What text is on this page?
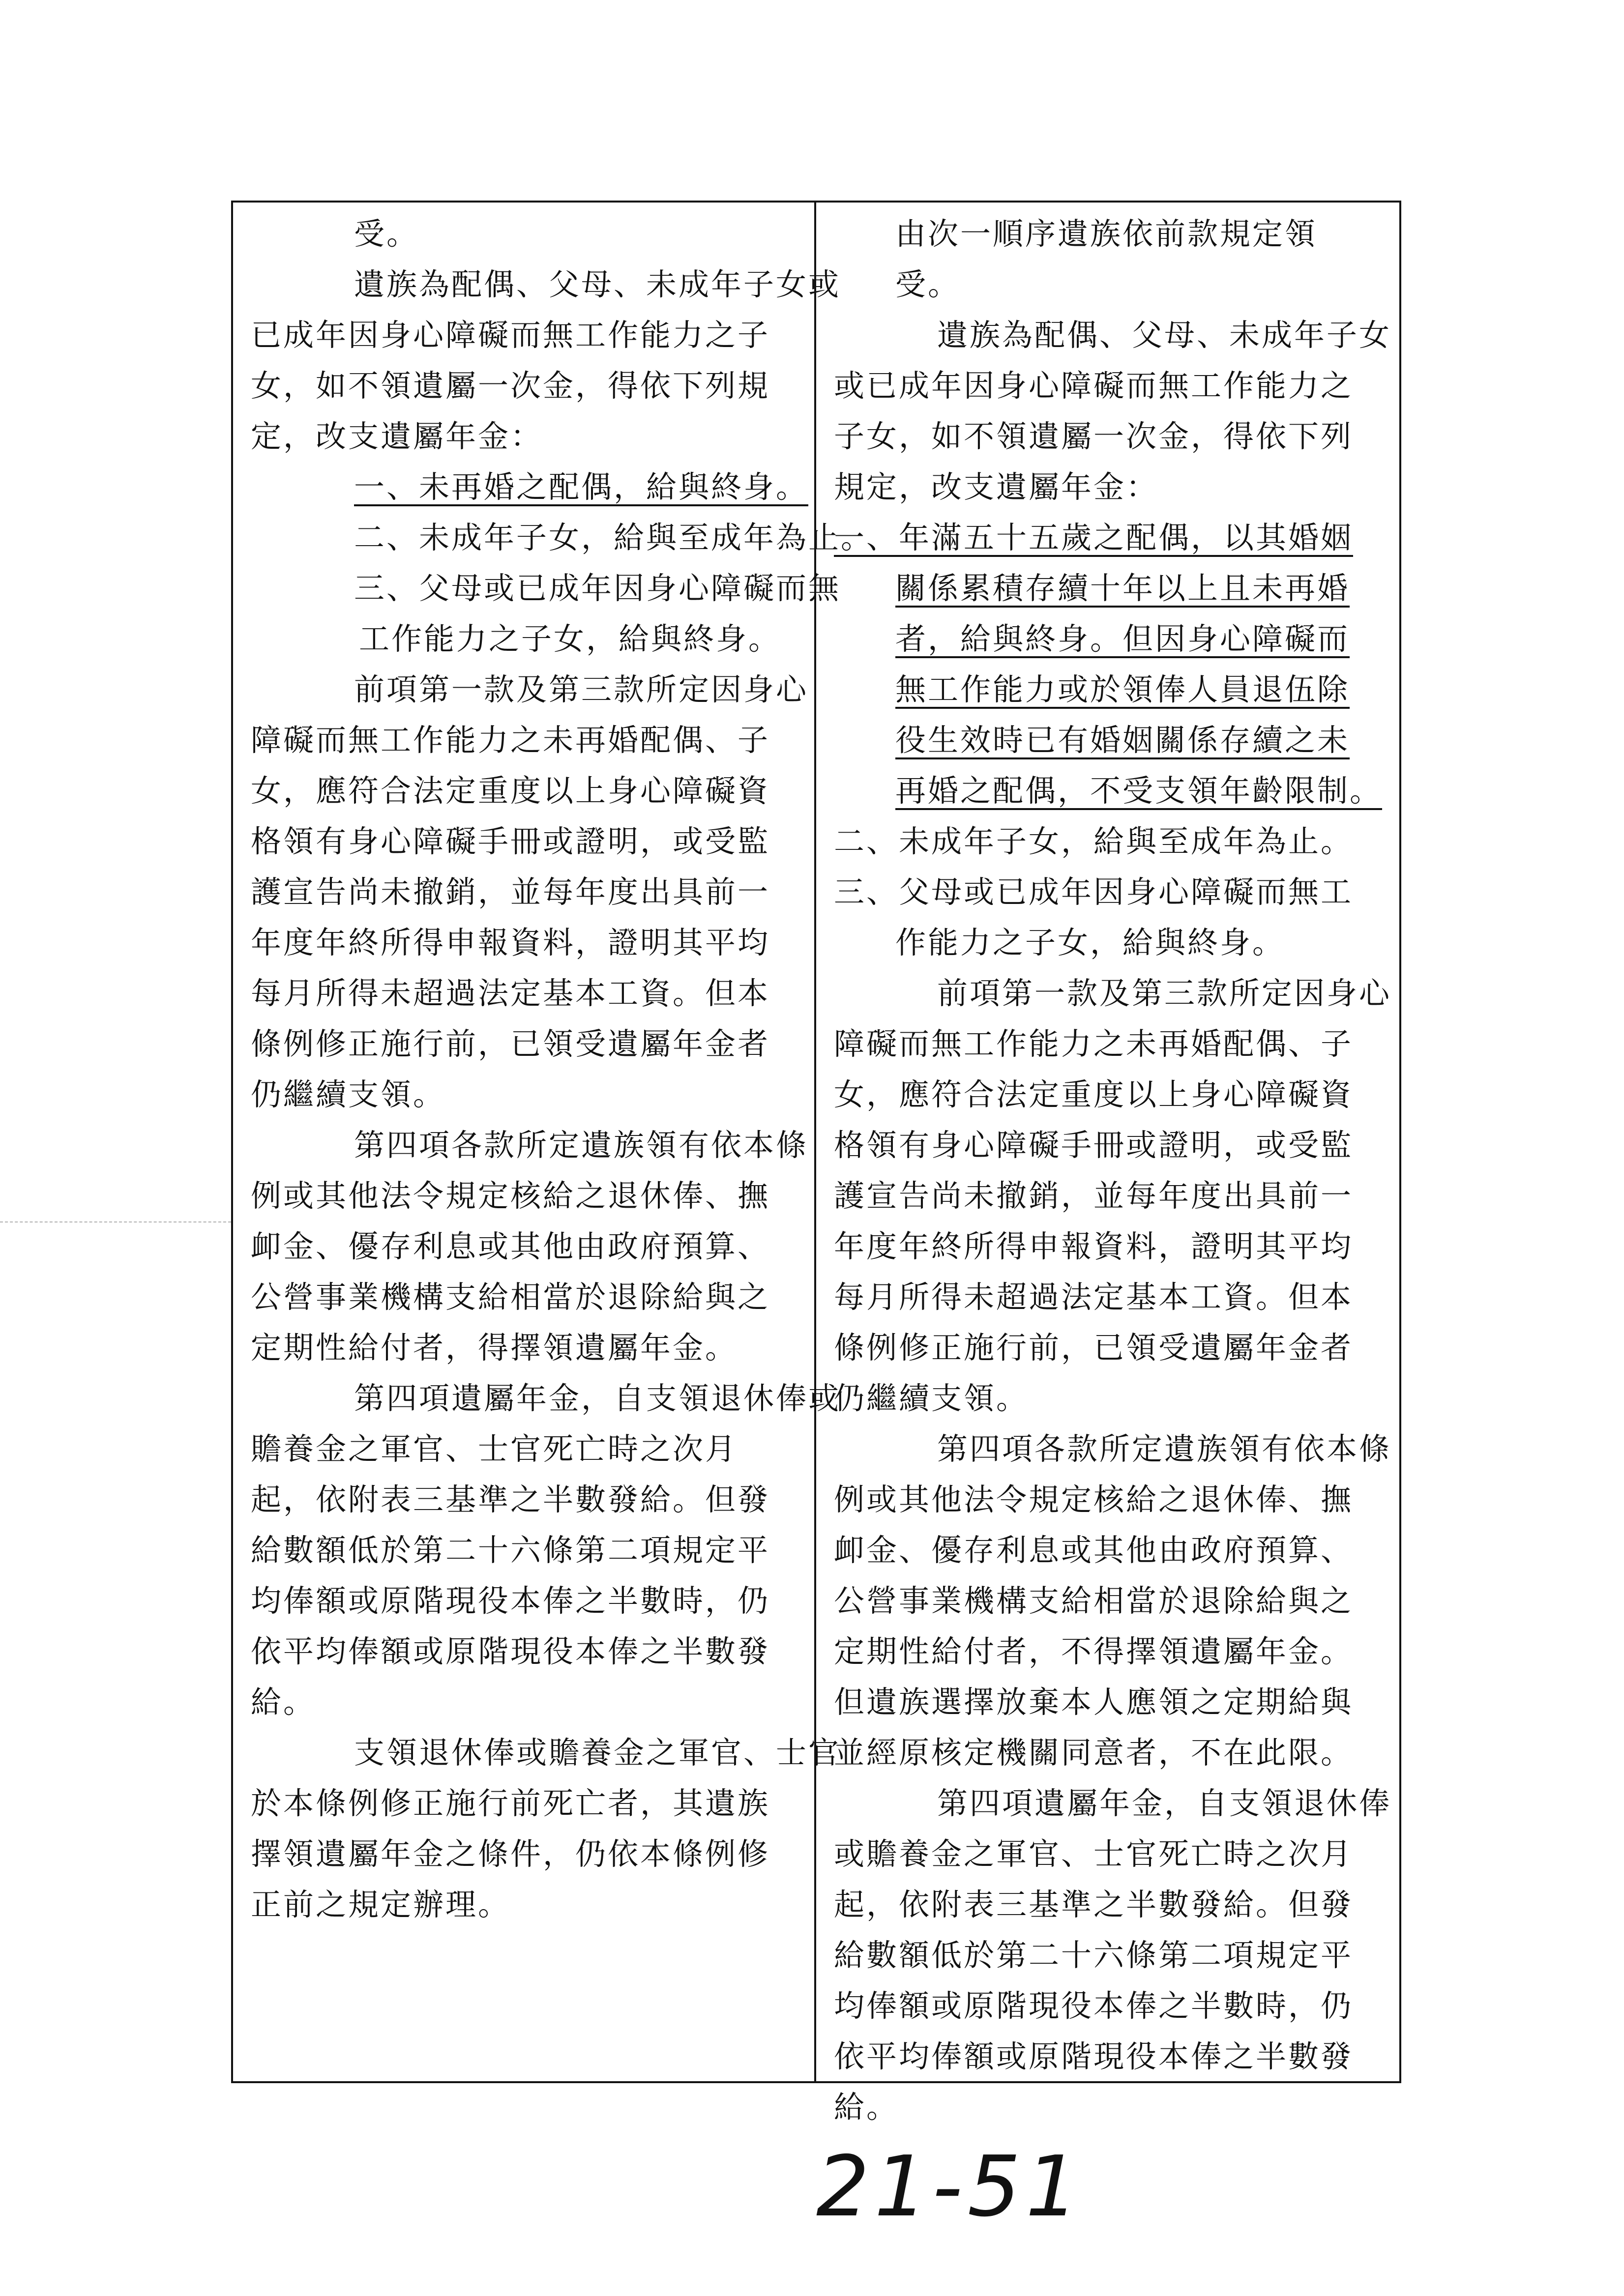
受。
遺族為配偶、父母、未成年子女或
已成年因身心障礙而無工作能力之子
女，如不領遺屬一次金，得依下列規
定，改支遺屬年金：
一、未再婚之配偶，給與終身。
二、未成年子女，給與至成年為止。
三、父母或已成年因身心障礙而無
工作能力之子女，給與終身。
前項第一款及第三款所定因身心
障礙而無工作能力之未再婚配偶、子
女，應符合法定重度以上身心障礙資
格領有身心障礙手冊或證明，或受監
護宣告尚未撤銷，並每年度出具前一
年度年終所得申報資料，證明其平均
每月所得未超過法定基本工資。但本
條例修正施行前，已領受遺屬年金者
仍繼續支領。
第四項各款所定遺族領有依本條
例或其他法令規定核給之退休俸、撫
卹金、優存利息或其他由政府預算、
公營事業機構支給相當於退除給與之
定期性給付者，得擇領遺屬年金。
第四項遺屬年金，自支領退休俸或
贍養金之軍官、士官死亡時之次月
起，依附表三基準之半數發給。但發
給數額低於第二十六條第二項規定平
均俸額或原階現役本俸之半數時，仍
依平均俸額或原階現役本俸之半數發
給。
支領退休俸或贍養金之軍官、士官
於本條例修正施行前死亡者，其遺族
擇領遺屬年金之條件，仍依本條例修
正前之規定辦理。
由次一順序遺族依前款規定領
受。
遺族為配偶、父母、未成年子女
或已成年因身心障礙而無工作能力之
子女，如不領遺屬一次金，得依下列
規定，改支遺屬年金：
一、年滿五十五歲之配偶，以其婚姻
關係累積存續十年以上且未再婚
者，給與終身。但因身心障礙而
無工作能力或於領俸人員退伍除
役生效時已有婚姻關係存續之未
再婚之配偶，不受支領年齡限制。
二、未成年子女，給與至成年為止。
三、父母或已成年因身心障礙而無工
作能力之子女，給與終身。
前項第一款及第三款所定因身心
障礙而無工作能力之未再婚配偶、子
女，應符合法定重度以上身心障礙資
格領有身心障礙手冊或證明，或受監
護宣告尚未撤銷，並每年度出具前一
年度年終所得申報資料，證明其平均
每月所得未超過法定基本工資。但本
條例修正施行前，已領受遺屬年金者
仍繼續支領。
第四項各款所定遺族領有依本條
例或其他法令規定核給之退休俸、撫
卹金、優存利息或其他由政府預算、
公營事業機構支給相當於退除給與之
定期性給付者，不得擇領遺屬年金。
但遺族選擇放棄本人應領之定期給與
並經原核定機關同意者，不在此限。
第四項遺屬年金，自支領退休俸
或贍養金之軍官、士官死亡時之次月
起，依附表三基準之半數發給。但發
給數額低於第二十六條第二項規定平
均俸額或原階現役本俸之半數時，仍
依平均俸額或原階現役本俸之半數發
給。
21-51
